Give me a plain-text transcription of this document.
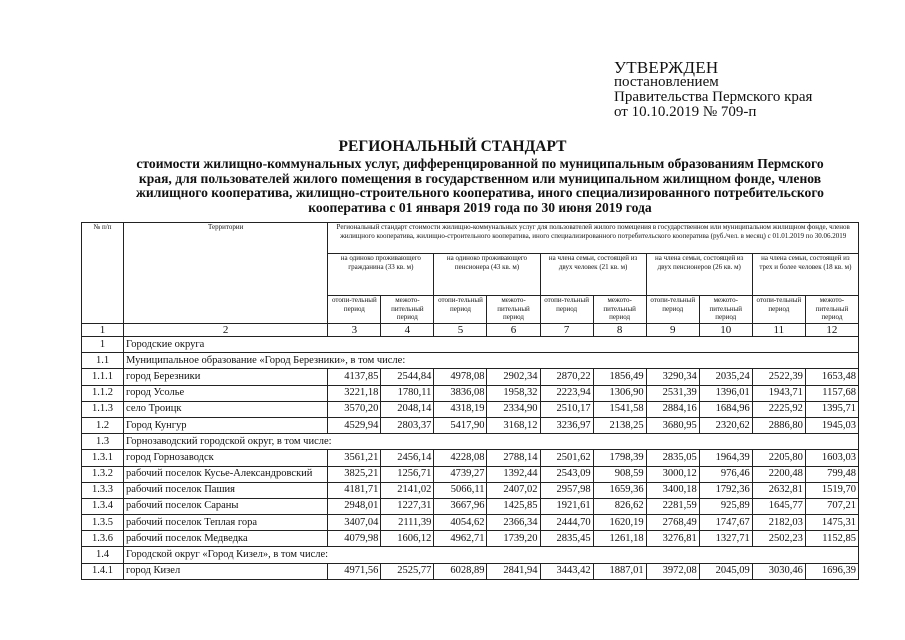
УТВЕРЖДЕН
постановлением
Правительства Пермского края
от 10.10.2019 № 709-п
РЕГИОНАЛЬНЫЙ СТАНДАРТ
стоимости жилищно-коммунальных услуг, дифференцированной по муниципальным образованиям Пермского края, для пользователей жилого помещения в государственном или муниципальном жилищном фонде, членов жилищного кооператива, жилищно-строительного кооператива, иного специализированного потребительского кооператива с 01 января 2019 года по 30 июня 2019 года
№ п/п	Территории	Региональный стандарт стоимости жилищно-коммунальных услуг для пользователей жилого помещения в государственном или муниципальном жилищном фонде, членов жилищного кооператива, жилищно-строительного кооператива, иного специализированного потребительского кооператива (руб./чел. в месяц) с 01.01.2019 по 30.06.2019									
		на одиноко проживающего гражданина (33 кв. м)		на одиноко проживающего пенсионера (43 кв. м)		на члена семьи, состоящей из двух человек (21 кв. м)		на члена семьи, состоящей из двух пенсионеров (26 кв. м)		на члена семьи, состоящей из трех и более человек (18 кв. м)	
		отопи-тельный период	межото-пительный период	отопи-тельный период	межото-пительный период	отопи-тельный период	межото-пительный период	отопи-тельный период	межото-пительный период	отопи-тельный период	межото-пительный период
1	2	3	4	5	6	7	8	9	10	11	12
1	Городские округа										
1.1	Муниципальное образование «Город Березники», в том числе:										
1.1.1	город Березники	4137,85	2544,84	4978,08	2902,34	2870,22	1856,49	3290,34	2035,24	2522,39	1653,48
1.1.2	город Усолье	3221,18	1780,11	3836,08	1958,32	2223,94	1306,90	2531,39	1396,01	1943,71	1157,68
1.1.3	село Троицк	3570,20	2048,14	4318,19	2334,90	2510,17	1541,58	2884,16	1684,96	2225,92	1395,71
1.2	Город Кунгур	4529,94	2803,37	5417,90	3168,12	3236,97	2138,25	3680,95	2320,62	2886,80	1945,03
1.3	Горнозаводский городской округ, в том числе:										
1.3.1	город Горнозаводск	3561,21	2456,14	4228,08	2788,14	2501,62	1798,39	2835,05	1964,39	2205,80	1603,03
1.3.2	рабочий поселок Кусье-Александровский	3825,21	1256,71	4739,27	1392,44	2543,09	908,59	3000,12	976,46	2200,48	799,48
1.3.3	рабочий поселок Пашия	4181,71	2141,02	5066,11	2407,02	2957,98	1659,36	3400,18	1792,36	2632,81	1519,70
1.3.4	рабочий поселок Сараны	2948,01	1227,31	3667,96	1425,85	1921,61	826,62	2281,59	925,89	1645,77	707,21
1.3.5	рабочий поселок Теплая гора	3407,04	2111,39	4054,62	2366,34	2444,70	1620,19	2768,49	1747,67	2182,03	1475,31
1.3.6	рабочий поселок Медведка	4079,98	1606,12	4962,71	1739,20	2835,45	1261,18	3276,81	1327,71	2502,23	1152,85
1.4	Городской округ «Город Кизел», в том числе:										
1.4.1	город Кизел	4971,56	2525,77	6028,89	2841,94	3443,42	1887,01	3972,08	2045,09	3030,46	1696,39
